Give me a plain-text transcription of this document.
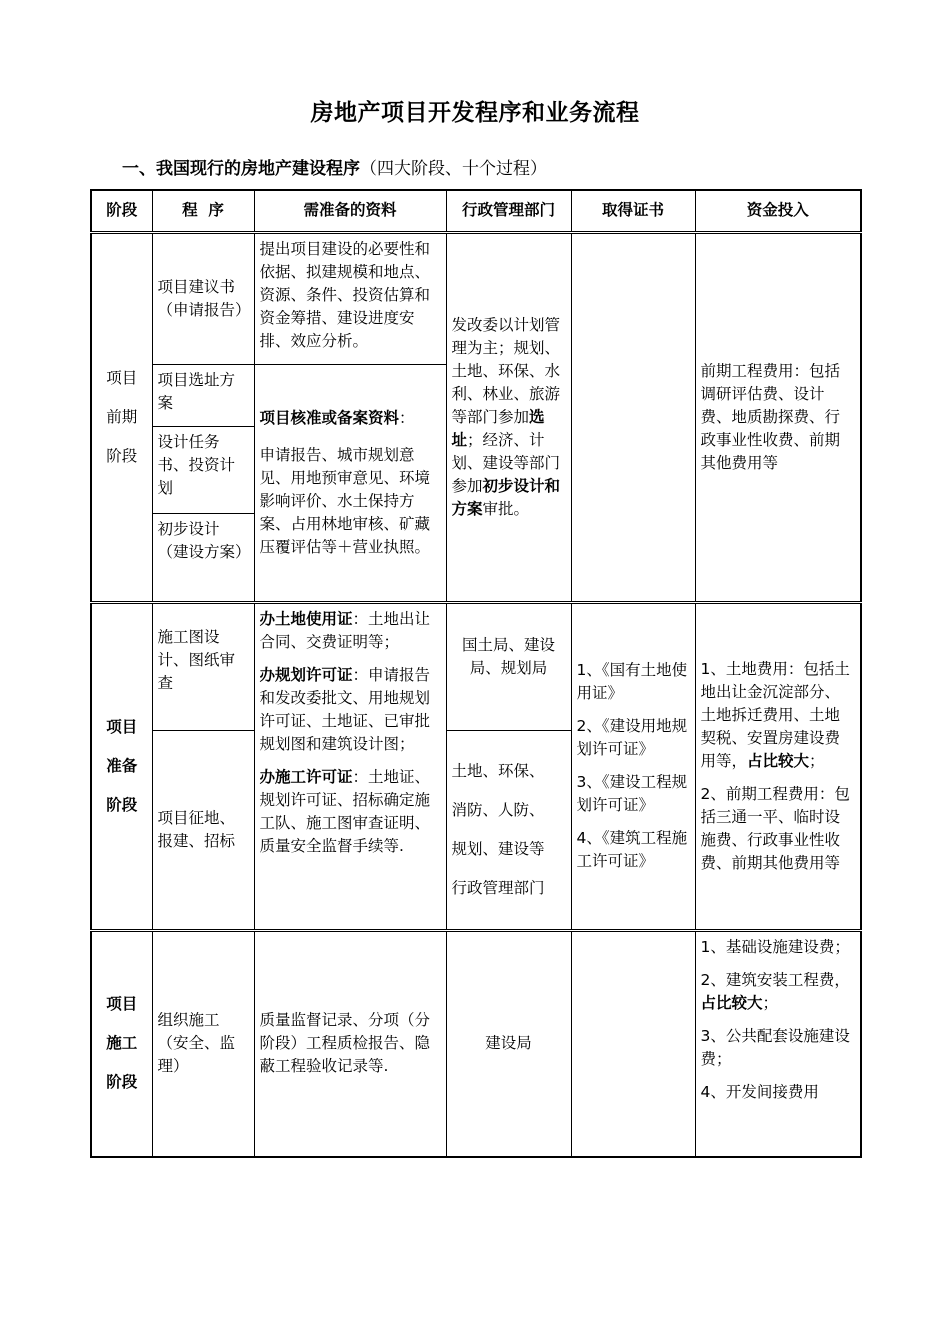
房地产项目开发程序和业务流程
一、我国现行的房地产建设程序（四大阶段、十个过程）
阶段	程  序	需准备的资料	行政管理部门	取得证书	资金投入
项目
前期
阶段	项目建议书（申请报告）	提出项目建设的必要性和依据、拟建规模和地点、资源、条件、投资估算和资金筹措、建设进度安排、效应分析。	发改委以计划管理为主；规划、土地、环保、水利、林业、旅游等部门参加选址；经济、计划、建设等部门参加初步设计和方案审批。		前期工程费用：包括调研评估费、设计费、地质勘探费、行政事业性收费、前期其他费用等
	项目选址方案	项目核准或备案资料：
申请报告、城市规划意见、用地预审意见、环境影响评价、水土保持方案、占用林地审核、矿藏压覆评估等＋营业执照。			

	设计任务书、投资计划				
	初步设计（建设方案）				
项目
准备
阶段	施工图设计、图纸审查	办土地使用证：土地出让合同、交费证明等；
办规划许可证：申请报告和发改委批文、用地规划许可证、土地证、已审批规划图和建筑设计图；
办施工许可证：土地证、规划许可证、招标确定施工队、施工图审查证明、质量安全监督手续等.	国土局、建设局、规划局	1、《国有土地使用证》
2、《建设用地规划许可证》
3、《建设工程规划许可证》
4、《建筑工程施工许可证》	1、土地费用：包括土地出让金沉淀部分、土地拆迁费用、土地契税、安置房建设费用等，占比较大；
2、前期工程费用：包括三通一平、临时设施费、行政事业性收费、前期其他费用等

	项目征地、报建、招标		土地、环保、
消防、人防、
规划、建设等
行政管理部门		
项目
施工
阶段	组织施工（安全、监理）	质量监督记录、分项（分阶段）工程质检报告、隐蔽工程验收记录等.	建设局		1、基础设施建设费；
2、建筑安装工程费，占比较大；
3、公共配套设施建设费；
4、开发间接费用
